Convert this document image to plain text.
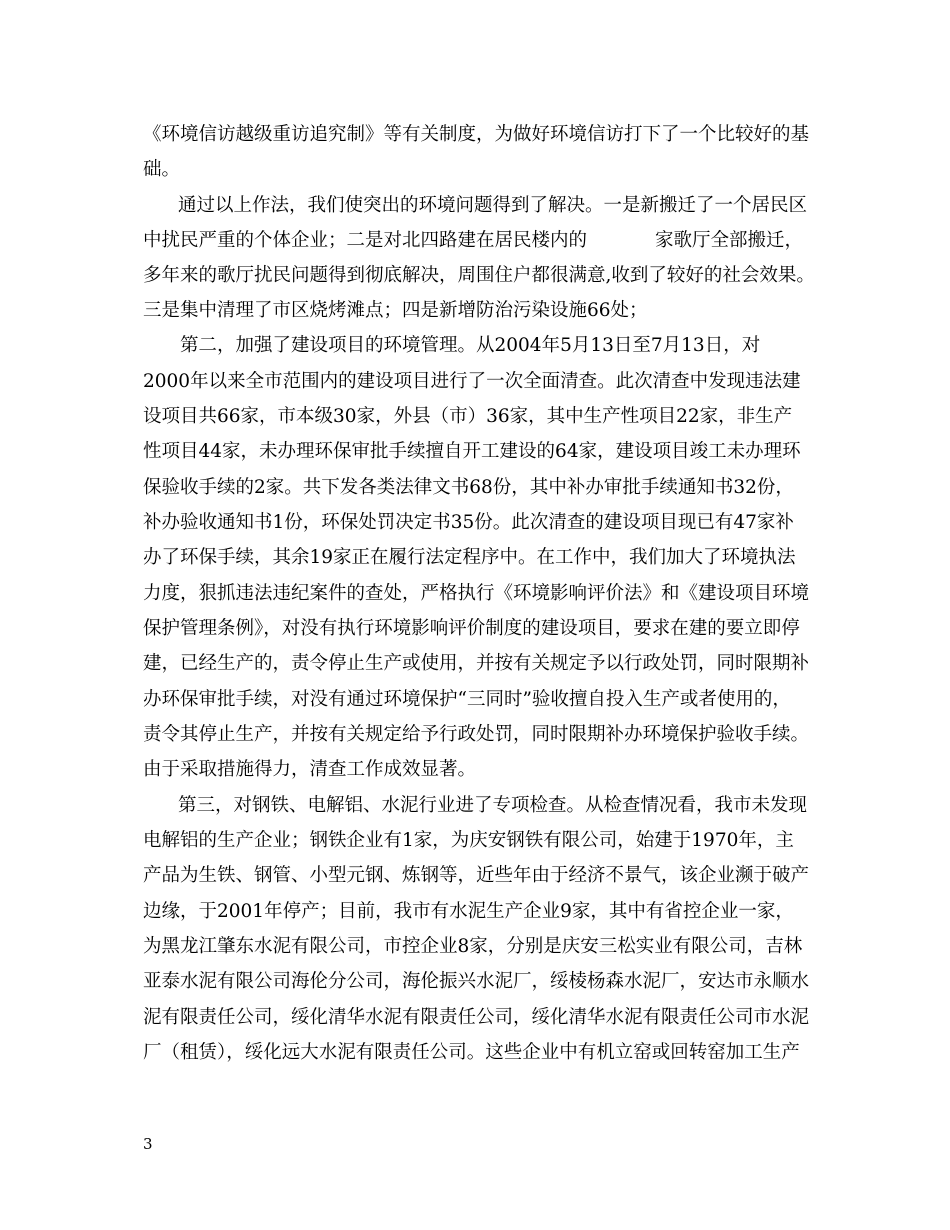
《环境信访越级重访追究制》等有关制度，为做好环境信访打下了一个比较好的基
础。
通过以上作法，我们使突出的环境问题得到了解决。一是新搬迁了一个居民区
中扰民严重的个体企业；二是对北四路建在居民楼内的	家歌厅全部搬迁，
多年来的歌厅扰民问题得到彻底解决，周围住户都很满意,收到了较好的社会效果。
三是集中清理了市区烧烤滩点；四是新增防治污染设施66处；
第二，加强了建设项目的环境管理。从2004年5月13日至7月13日，对
2000年以来全市范围内的建设项目进行了一次全面清查。此次清查中发现违法建
设项目共66家，市本级30家，外县（市）36家，其中生产性项目22家，非生产
性项目44家，未办理环保审批手续擅自开工建设的64家，建设项目竣工未办理环
保验收手续的2家。共下发各类法律文书68份，其中补办审批手续通知书32份，
补办验收通知书1份，环保处罚决定书35份。此次清查的建设项目现已有47家补
办了环保手续，其余19家正在履行法定程序中。在工作中，我们加大了环境执法
力度，狠抓违法违纪案件的查处，严格执行《环境影响评价法》和《建设项目环境
保护管理条例》，对没有执行环境影响评价制度的建设项目，要求在建的要立即停
建，已经生产的，责令停止生产或使用，并按有关规定予以行政处罚，同时限期补
办环保审批手续，对没有通过环境保护“三同时”验收擅自投入生产或者使用的，
责令其停止生产，并按有关规定给予行政处罚，同时限期补办环境保护验收手续。
由于采取措施得力，清查工作成效显著。
第三，对钢铁、电解铝、水泥行业进了专项检查。从检查情况看，我市未发现
电解铝的生产企业；钢铁企业有1家，为庆安钢铁有限公司，始建于1970年，主
产品为生铁、钢管、小型元钢、炼钢等，近些年由于经济不景气，该企业濒于破产
边缘，于2001年停产；目前，我市有水泥生产企业9家，其中有省控企业一家，
为黑龙江肇东水泥有限公司，市控企业8家，分别是庆安三松实业有限公司，吉林
亚泰水泥有限公司海伦分公司，海伦振兴水泥厂，绥棱杨森水泥厂，安达市永顺水
泥有限责任公司，绥化清华水泥有限责任公司，绥化清华水泥有限责任公司市水泥
厂（租赁），绥化远大水泥有限责任公司。这些企业中有机立窑或回转窑加工生产
3
